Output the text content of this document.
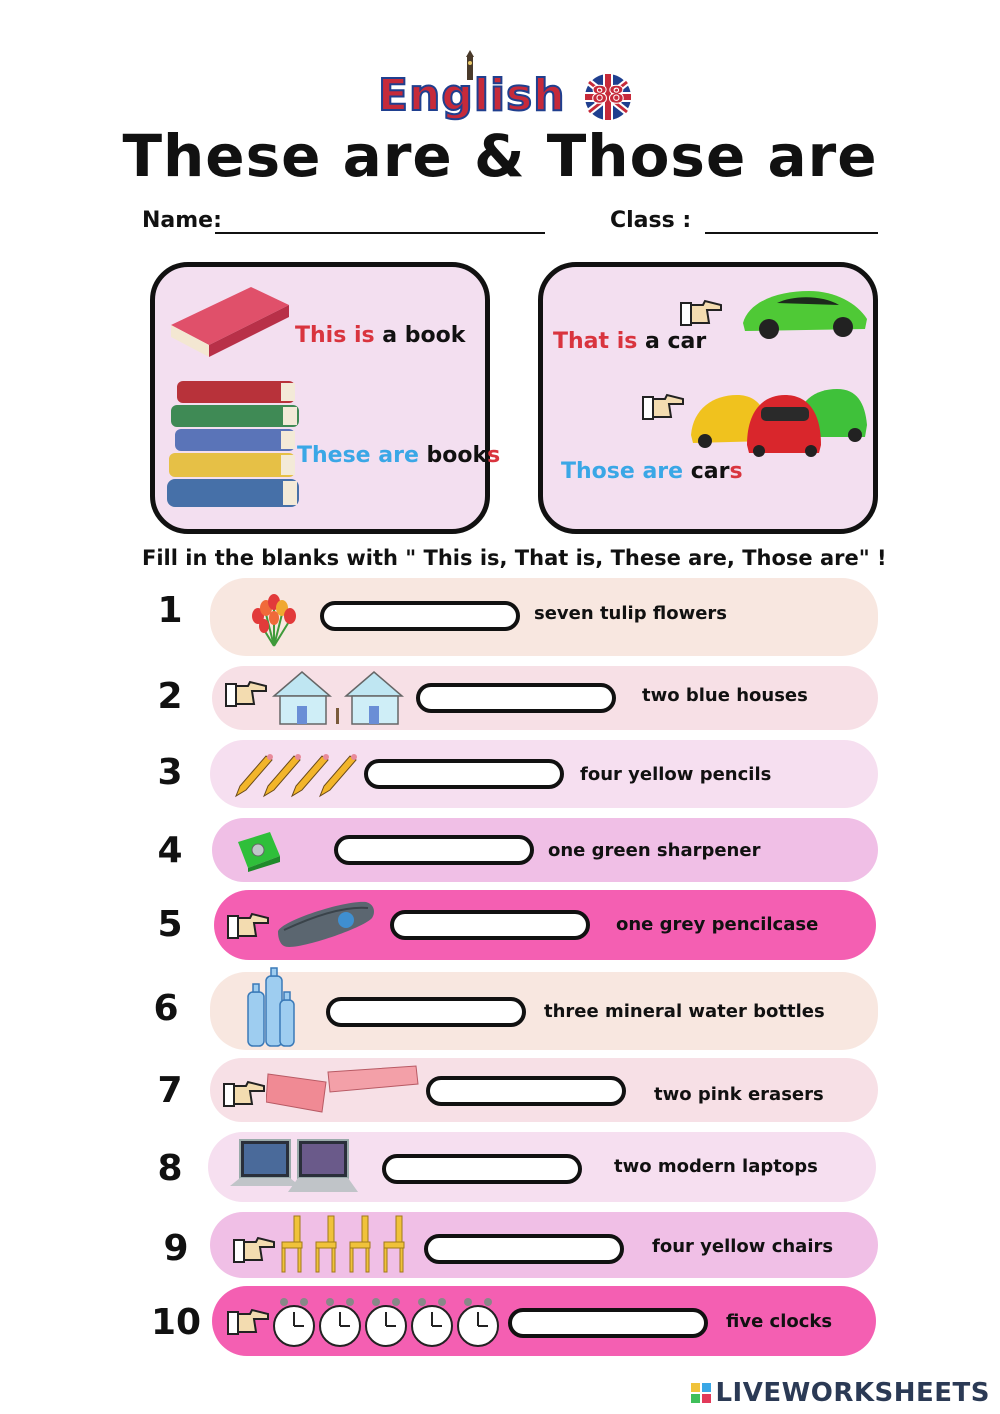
English	88
These are & Those are
Name:	Class :
This is a book
These are books
That is a car
Those are cars
Fill in the blanks with " This is, That is, These are, Those are" !
1	seven tulip flowers
2	two blue houses
3	four yellow pencils
4	one green sharpener
5	one grey pencilcase
6	three mineral water bottles
7	two pink erasers
8	two modern laptops
9	four yellow chairs
10	five clocks
LIVEWORKSHEETS
